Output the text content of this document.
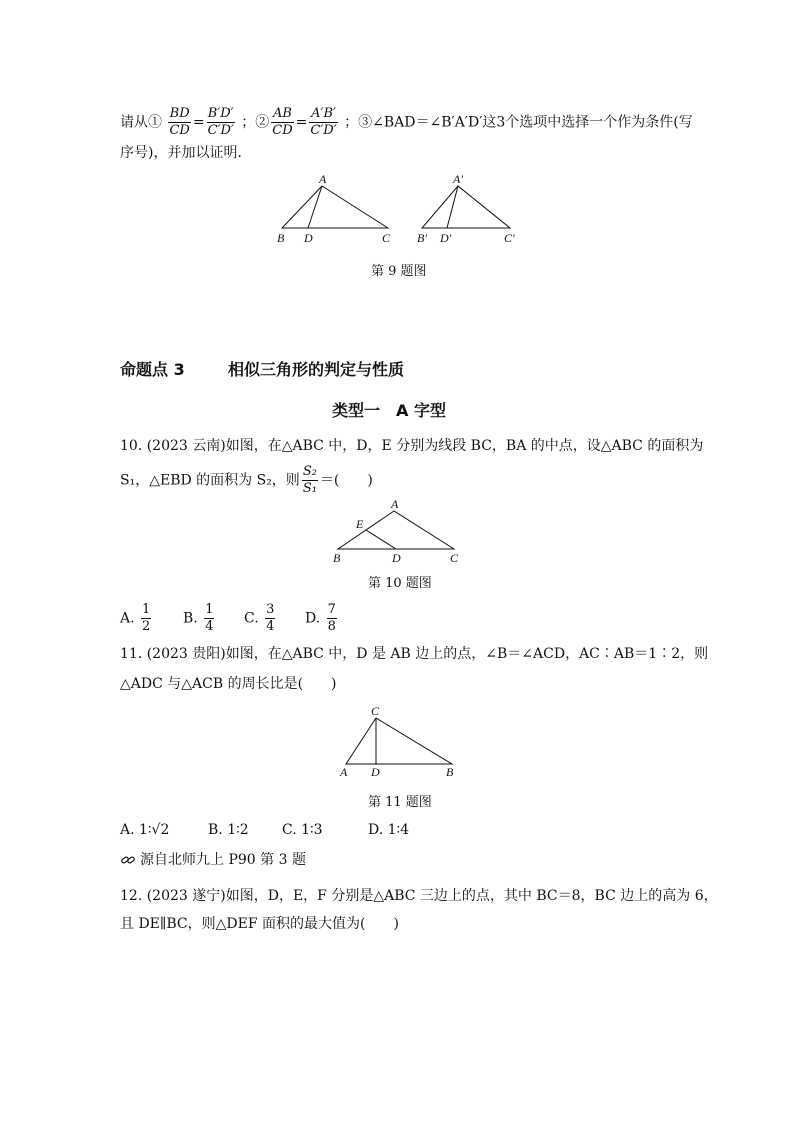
请从① $\frac{BD}{CD} = \frac{B'D'}{C'D'}$ ；② $\frac{AB}{CD} = \frac{A'B'}{C'D'}$ ；③∠BAD＝∠B′A′D′这3个选项中选择一个作为条件(写
序号)，并加以证明．
A
B D	C
A′
B′ D′	C′
第 9 题图
命题点 3	相似三角形的判定与性质
类型一　A 字型
10. (2023 云南)如图，在△ABC 中，D，E 分别为线段 BC，BA 的中点，设△ABC 的面积为
S₁，△EBD 的面积为 S₂，则 $\frac{\text{S₂}}{\text{S₁}}$ ＝(　　)
A
E
B	D	C
第 10 题图
A. $\frac{1}{2} B$. $\frac{1}{4} C$. $\frac{3}{4} D$. $\frac{7}{8}$
11. (2023 贵阳)如图，在△ABC 中，D 是 AB 边上的点，∠B＝∠ACD，AC∶AB＝1∶2，则
△ADC 与△ACB 的周长比是(　　)
C
A D	B
第 11 题图
A. 1∶√2	B. 1∶2 C. 1∶3	D. 1∶4
源自北师九上 P90 第 3 题
12. (2023 遂宁)如图，D，E，F 分别是△ABC 三边上的点，其中 BC＝8，BC 边上的高为 6，
且 DE∥BC，则△DEF 面积的最大值为(　　)
